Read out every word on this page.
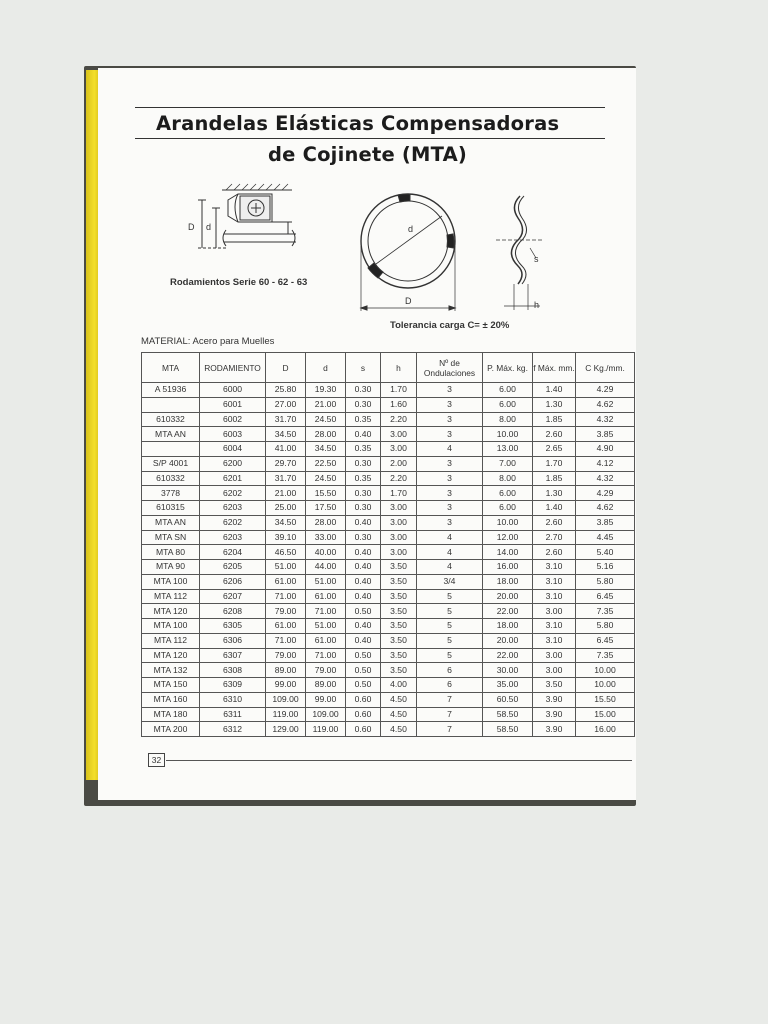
Arandelas Elásticas Compensadoras
de Cojinete (MTA)
D d
Rodamientos Serie 60 - 62 - 63
d
D
Tolerancia carga C= ± 20%
s
h
MATERIAL: Acero para Muelles
MTA	RODAMIENTO	D	d	s	h	Nº de Ondulaciones	P. Máx. kg.	f Máx. mm.	C Kg./mm.
A 51936	6000	25.80	19.30	0.30	1.70	3	6.00	1.40	4.29
	6001	27.00	21.00	0.30	1.60	3	6.00	1.30	4.62
610332	6002	31.70	24.50	0.35	2.20	3	8.00	1.85	4.32
MTA AN	6003	34.50	28.00	0.40	3.00	3	10.00	2.60	3.85
	6004	41.00	34.50	0.35	3.00	4	13.00	2.65	4.90
S/P 4001	6200	29.70	22.50	0.30	2.00	3	7.00	1.70	4.12
610332	6201	31.70	24.50	0.35	2.20	3	8.00	1.85	4.32
3778	6202	21.00	15.50	0.30	1.70	3	6.00	1.30	4.29
610315	6203	25.00	17.50	0.30	3.00	3	6.00	1.40	4.62
MTA AN	6202	34.50	28.00	0.40	3.00	3	10.00	2.60	3.85
MTA SN	6203	39.10	33.00	0.30	3.00	4	12.00	2.70	4.45
MTA 80	6204	46.50	40.00	0.40	3.00	4	14.00	2.60	5.40
MTA 90	6205	51.00	44.00	0.40	3.50	4	16.00	3.10	5.16
MTA 100	6206	61.00	51.00	0.40	3.50	3/4	18.00	3.10	5.80
MTA 112	6207	71.00	61.00	0.40	3.50	5	20.00	3.10	6.45
MTA 120	6208	79.00	71.00	0.50	3.50	5	22.00	3.00	7.35
MTA 100	6305	61.00	51.00	0.40	3.50	5	18.00	3.10	5.80
MTA 112	6306	71.00	61.00	0.40	3.50	5	20.00	3.10	6.45
MTA 120	6307	79.00	71.00	0.50	3.50	5	22.00	3.00	7.35
MTA 132	6308	89.00	79.00	0.50	3.50	6	30.00	3.00	10.00
MTA 150	6309	99.00	89.00	0.50	4.00	6	35.00	3.50	10.00
MTA 160	6310	109.00	99.00	0.60	4.50	7	60.50	3.90	15.50
MTA 180	6311	119.00	109.00	0.60	4.50	7	58.50	3.90	15.00
MTA 200	6312	129.00	119.00	0.60	4.50	7	58.50	3.90	16.00
32
